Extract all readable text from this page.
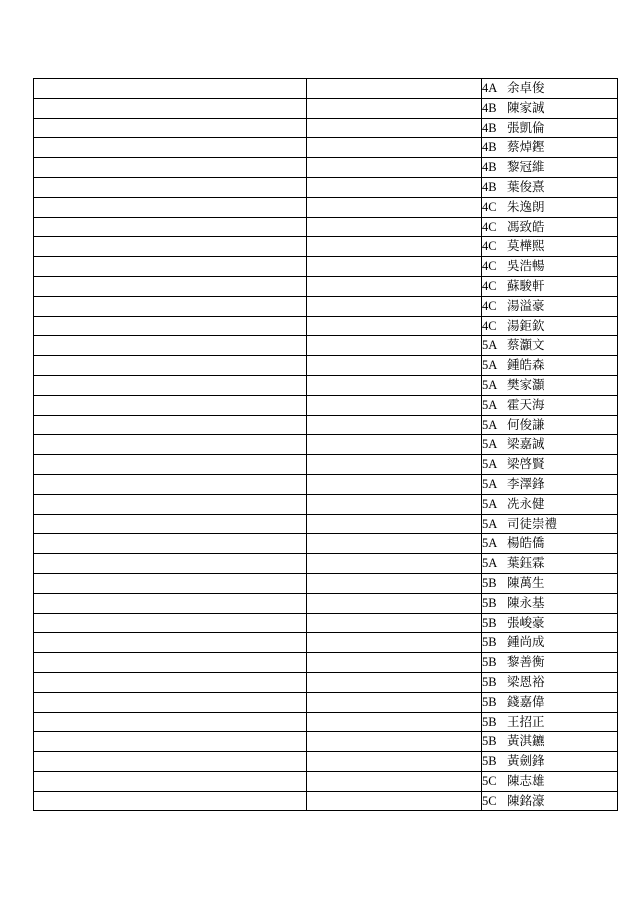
		4A 余卓俊
		4B 陳家誠
		4B 張凱倫
		4B 蔡焯鏗
		4B 黎冠維
		4B 葉俊熹
		4C 朱逸朗
		4C 馮致皓
		4C 莫樺熙
		4C 吳浩暢
		4C 蘇駿軒
		4C 湯溢豪
		4C 湯鉅欽
		5A 蔡灝文
		5A 鍾皓森
		5A 樊家灝
		5A 霍天海
		5A 何俊謙
		5A 梁嘉誠
		5A 梁啓賢
		5A 李澤鋒
		5A 冼永健
		5A 司徒崇禮
		5A 楊皓僑
		5A 葉鈺霖
		5B 陳萬生
		5B 陳永基
		5B 張峻豪
		5B 鍾尚成
		5B 黎善衡
		5B 梁恩裕
		5B 錢嘉偉
		5B 王招正
		5B 黃淇鑣
		5B 黃劍鋒
		5C 陳志雄
		5C 陳銘濠
